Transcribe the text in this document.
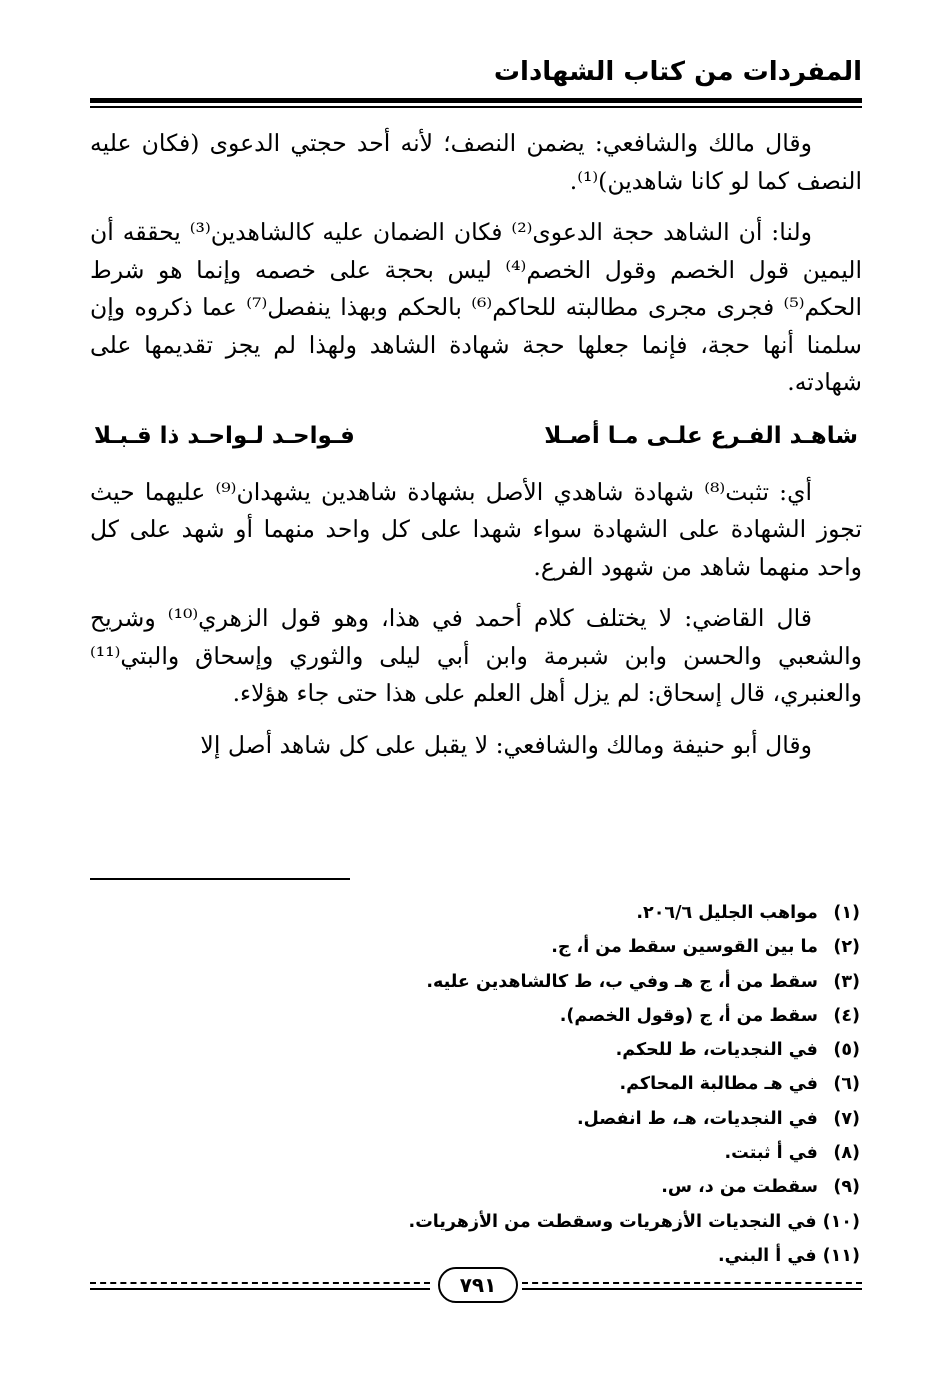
المفردات من كتاب الشهادات

وقال مالك والشافعي: يضمن النصف؛ لأنه أحد حجتي الدعوى (فكان عليه النصف كما لو كانا شاهدين)⁽¹⁾.

ولنا: أن الشاهد حجة الدعوى⁽²⁾ فكان الضمان عليه كالشاهدين⁽³⁾ يحققه أن اليمين قول الخصم وقول الخصم⁽⁴⁾ ليس بحجة على خصمه وإنما هو شرط الحكم⁽⁵⁾ فجرى مجرى مطالبته للحاكم⁽⁶⁾ بالحكم وبهذا ينفصل⁽⁷⁾ عما ذكروه وإن سلمنا أنها حجة، فإنما جعلها حجة شهادة الشاهد ولهذا لم يجز تقديمها على شهادته.

شاهـد الفـرع علـى مـا أصـلا
فـواحـد لـواحـد ذا قـبـلا

أي: تثبت⁽⁸⁾ شهادة شاهدي الأصل بشهادة شاهدين يشهدان⁽⁹⁾ عليهما حيث تجوز الشهادة على الشهادة سواء شهدا على كل واحد منهما أو شهد على كل واحد منهما شاهد من شهود الفرع.

قال القاضي: لا يختلف كلام أحمد في هذا، وهو قول الزهري⁽¹⁰⁾ وشريح والشعبي والحسن وابن شبرمة وابن أبي ليلى والثوري وإسحاق والبتي⁽¹¹⁾ والعنبري، قال إسحاق: لم يزل أهل العلم على هذا حتى جاء هؤلاء.

وقال أبو حنيفة ومالك والشافعي: لا يقبل على كل شاهد أصل إلا

(١) مواهب الجليل ٢٠٦/٦.
(٢) ما بين القوسين سقط من أ، ج.
(٣) سقط من أ، ج هـ وفي ب، ط كالشاهدين عليه.
(٤) سقط من أ، ج (وقول الخصم).
(٥) في النجديات، ط للحكم.
(٦) في هـ مطالبة المحاكم.
(٧) في النجديات، هـ، ط انفصل.
(٨) في أ ثبتت.
(٩) سقطت من د، س.
(١٠) في النجديات الأزهريات وسقطت من الأزهريات.
(١١) في أ البني.
٧٩١
